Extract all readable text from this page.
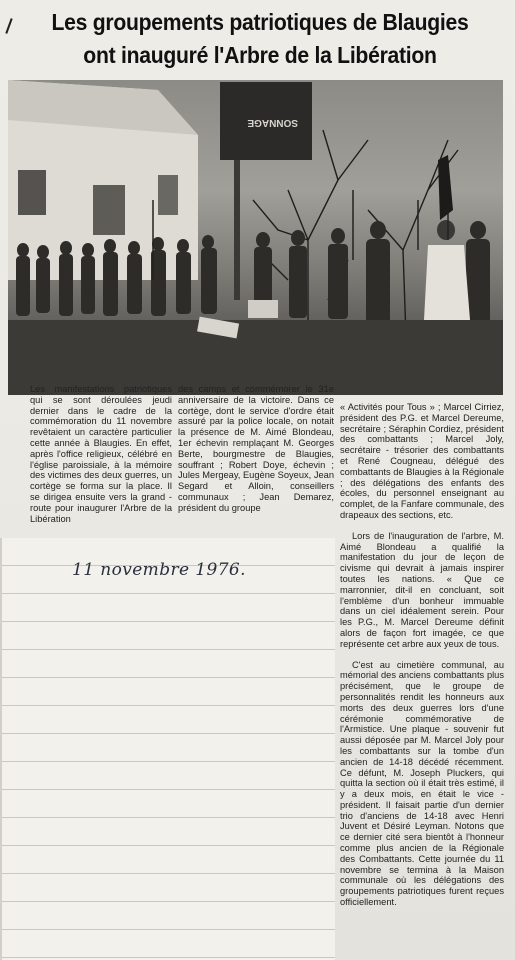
Les groupements patriotiques de Blaugies
ont inauguré l'Arbre de la Libération
SONNAGE

Les manifestations patriotiques qui se sont déroulées jeudi dernier dans le cadre de la commémoration du 11 novembre revêtaient un caractère particulier cette année à Blaugies. En effet, après l'office religieux, célébré en l'église paroissiale, à la mémoire des victimes des deux guerres, un cortège se forma sur la place. Il se dirigea ensuite vers la grand - route pour inaugurer l'Arbre de la Libération

des camps et commémorer le 31e anniversaire de la victoire. Dans ce cortège, dont le service d'ordre était assuré par la police locale, on notait la présence de M. Aimé Blondeau, 1er échevin remplaçant M. Georges Berte, bourgmestre de Blaugies, souffrant ; Robert Doye, échevin ; Jules Mergeay, Eugène Soyeux, Jean Segard et Alloin, conseillers communaux ; Jean Demarez, président du groupe

« Activités pour Tous » ; Marcel Cirriez, président des P.G. et Marcel Dereume, secrétaire ; Séraphin Cordiez, président des combattants ; Marcel Joly, secrétaire - trésorier des combattants et René Cougneau, délégué des combattants de Blaugies à la Régionale ; des délégations des enfants des écoles, du personnel enseignant au complet, de la Fanfare communale, des drapeaux des sections, etc.

Lors de l'inauguration de l'arbre, M. Aimé Blondeau a qualifié la manifestation du jour de leçon de civisme qui devrait à jamais inspirer toutes les nations. « Que ce marronnier, dit-il en concluant, soit l'emblème d'un bonheur immuable dans un ciel idéalement serein. Pour les P.G., M. Marcel Dereume définit alors de façon fort imagée, ce que représente cet arbre aux yeux de tous.

C'est au cimetière communal, au mémorial des anciens combattants plus précisément, que le groupe de personnalités rendit les honneurs aux morts des deux guerres lors d'une cérémonie commémorative de l'Armistice. Une plaque - souvenir fut aussi déposée par M. Marcel Joly pour les combattants sur la tombe d'un ancien de 14-18 décédé récemment. Ce défunt, M. Joseph Pluckers, qui quitta la section où il était très estimé, il y a deux mois, en était le vice - président. Il faisait partie d'un dernier trio d'anciens de 14-18 avec Henri Juvent et Désiré Leyman. Notons que ce dernier cité sera bientôt à l'honneur comme plus ancien de la Régionale des Combattants. Cette journée du 11 novembre se termina à la Maison communale où les délégations des groupements patriotiques furent reçues officiellement.

11 novembre 1976.
